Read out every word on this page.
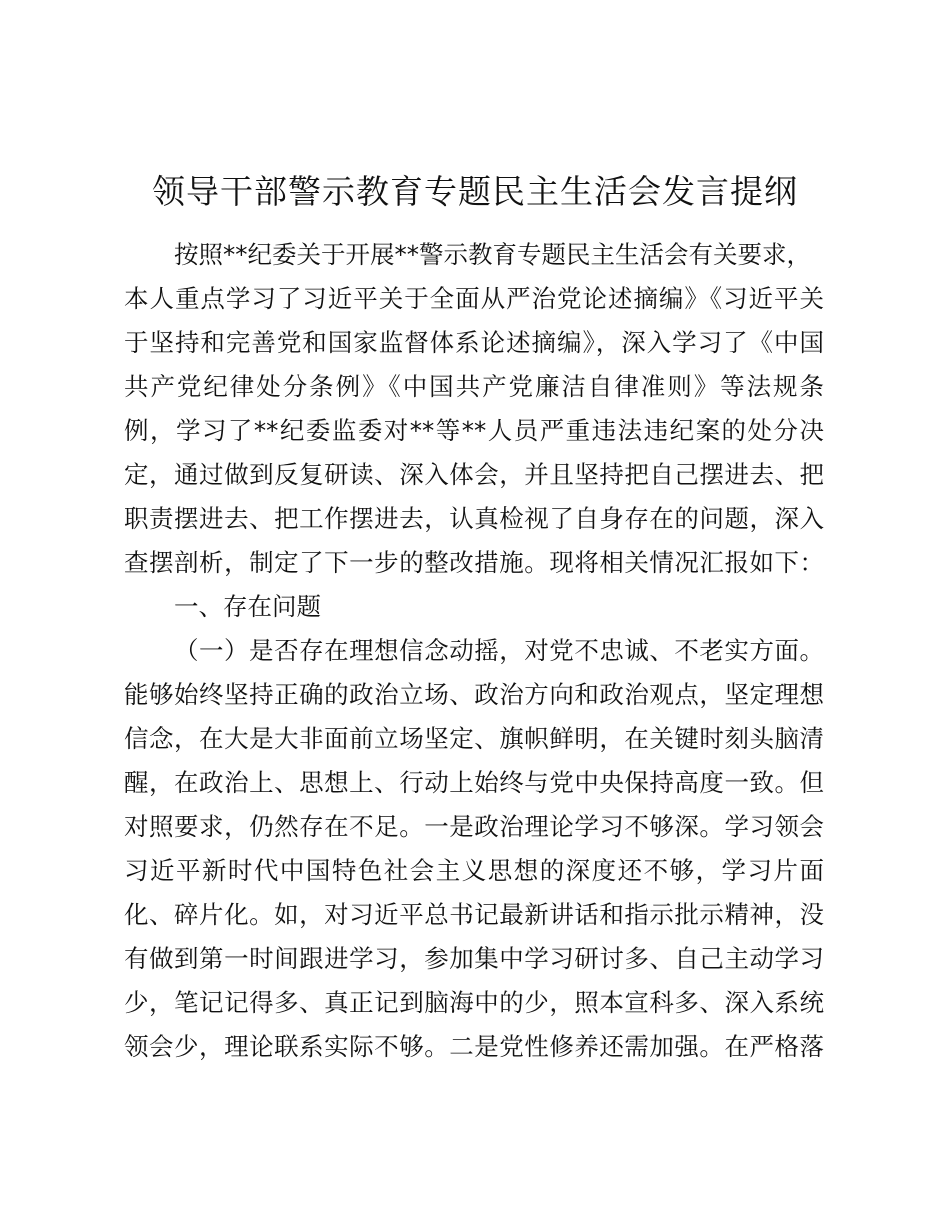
领导干部警示教育专题民主生活会发言提纲
按照**纪委关于开展**警示教育专题民主生活会有关要求，
本人重点学习了习近平关于全面从严治党论述摘编》《习近平关
于坚持和完善党和国家监督体系论述摘编》，深入学习了《中国
共产党纪律处分条例》《中国共产党廉洁自律准则》等法规条
例，学习了**纪委监委对**等**人员严重违法违纪案的处分决
定，通过做到反复研读、深入体会，并且坚持把自己摆进去、把
职责摆进去、把工作摆进去，认真检视了自身存在的问题，深入
查摆剖析，制定了下一步的整改措施。现将相关情况汇报如下：
一、存在问题
（一）是否存在理想信念动摇，对党不忠诚、不老实方面。
能够始终坚持正确的政治立场、政治方向和政治观点，坚定理想
信念，在大是大非面前立场坚定、旗帜鲜明，在关键时刻头脑清
醒，在政治上、思想上、行动上始终与党中央保持高度一致。但
对照要求，仍然存在不足。一是政治理论学习不够深。学习领会
习近平新时代中国特色社会主义思想的深度还不够，学习片面
化、碎片化。如，对习近平总书记最新讲话和指示批示精神，没
有做到第一时间跟进学习，参加集中学习研讨多、自己主动学习
少，笔记记得多、真正记到脑海中的少，照本宣科多、深入系统
领会少，理论联系实际不够。二是党性修养还需加强。在严格落
